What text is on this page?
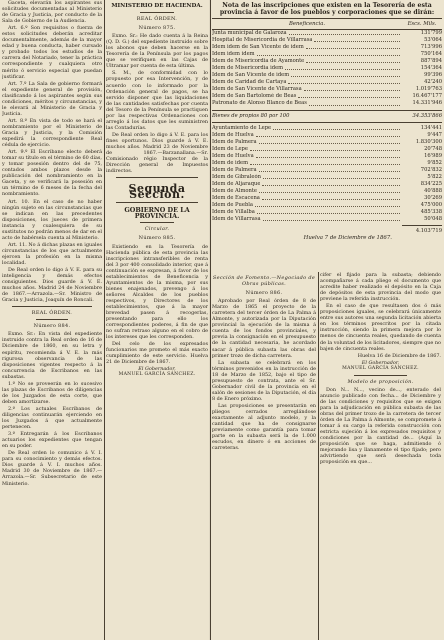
Gaceta, elevarán los aspirantes sus solicitudes documentadas al Ministerio de Gracia y Justicia, por conducto de la Sala de Gobierno de la Audiencia.

Art. 6.º Son requisitos o fuerza de estos solicitudes deberán acreditar documentalmente, además de la mayor edad y buena conducta, haber cursado y probado todos los estudios de la carrera del Notariado, tener la práctica correspondiente y cualquiera otro mérito ó servicio especial que puedan justificar.

Art. 7.º La Sala de gobierno formará el expediente general de provisión, clasificando á los aspirantes según sus condiciones, méritos y circunstancias, y le elevará al Ministerio de Gracia y Justicia.

Art. 8.º En vista de todo se hará el nombramiento por el Ministerio de Gracia y Justicia, y la Comisión expedirá la correspondiente Real cédula de ejercicio.

Art. 9.º El Escribano electo deberá tomar su título en el término de 60 días, y tomar posesión dentro del de 75, contados ambos plazos desde la publicación del nombramiento en la Gaceta, y se verificará la posesión en un término de 6 meses de la fecha del nombramiento.

Art. 10. En el caso de no haber ningún sujeto en las circunstancias que se indican en las precedentes disposiciones, los jueces de primera instancia y cualesquiera de su sustitutos no podrán menos de dar en el acto de habérsela cuenta al Ministerio.

Art. 11. No á dichas plazas en iguales circunstancias de los que actualmente ejercen la profesión en la misma localidad.

De Real orden lo digo á V. E. para su inteligencia y demás efectos consiguientes. Dios guarde á V. E. muchos años. Madrid 24 de Noviembre de 1867.—Arrazola.—Sr. Ministro de Gracia y Justicia, Joaquín de Roncali.

REAL ÓRDEN.
Número 884.

Exmo. Sr.: En vista del expediente instruido contra la Real orden de 16 de Diciembre de 1860, en su letra y espíritu, recomienda á V. E. la más rigurosa observancia de las disposiciones vigentes respecto á la concurrencia de Escribanos en las subastas.

1.º No se proveerán en lo sucesivo las plazas de Escribanos de diligencias de los Juzgados de esta corte, que deben amortizarse.

2.º Los actuales Escribanos de diligencias continuarán ejerciendo en los Juzgados á que actualmente pertenecen.

3.º Entregarán á los Escribanos actuarios los expedientes que tengan en su poder.

De Real orden lo comunico á V. I. para su conocimiento y demás efectos. Dios guarde á V. I. muchos años. Madrid 30 de Noviembre de 1867.—Arrazola.—Sr. Subsecretario de este Ministerio.

MINISTERIO DE HACIENDA.
REAL ÓRDEN.
Número 875.

Exmo. Sr.: He dado cuenta á la Reina (Q. D. G.) del expediente instruido sobre los abonos que deben hacerse en la Tesorería de la Península por los pagos que se verifiquen en las Cajas de Ultramar por cuenta de esta última.

S. M., de conformidad con lo propuesto por esa Intervención, y de acuerdo con lo informado por la Ordenación general de pagos, se ha servido disponer que las liquidaciones de las cantidades satisfechas por cuenta del Tesoro de la Península se practiquen por las respectivas Ordenaciones con arreglo á los datos que les suministren las Contadurías.

De Real orden lo digo á V. E. para los fines oportunos. Dios guarde á V. E. muchos años. Madrid 23 de Noviembre de 1867.—Barzanallana.—Sr. Comisionado régio Inspector de la Dirección general de Impuestos indirectos.

Segunda Seccion.
GOBIERNO DE LA PROVINCIA.
Circular.
Número 885.

Existiendo en la Tesorería de Hacienda pública de esta provincia las inscripciones intransferibles de renta del 3 por 400 consolidado interior, que á continuación se expresan, á favor de los establecimientos de Beneficencia y Ayuntamientos de la misma, por sus bienes enajenados, prevengo á los señores Alcaldes de los pueblos respectivos, y Directores de los establecimientos, que á la mayor brevedad pasen á recogerlas, presentando para ello los correspondientes poderes, á fin de que no sufran retraso alguno en el cobro de los intereses que les corresponden.

Del celo de los expresados funcionarios me prometo el más exacto cumplimiento de este servicio. Huelva 21 de Diciembre de 1867.

El Gobernador,
MANUEL GARCÍA SÁNCHEZ.
Nota de las inscripciones que existen en la Tesorería de esta
provincia á favor de los pueblos y corporaciones que se dirán:
Beneficencia.	Escs. Mils.
Junta municipal de Galaroza	131'799
Hospital de Misericordia de Villarrasa	53'064
Idem idem de San Vicente de idem	713'996
Idem idem idem	750'164
Idem de Misericordia de Ayamonte	887'894
Idem de Misericordia idem	154'364
Idem de San Vicente de idem	99'396
Idem de Caridad de Cartaya	42'240
Idem de San Vicente de Villarrasa	1.019'763
Idem de San Bartolomé de Beas	16.467'177
Patronato de Alonso Blanco de Beas	14.331'946
Bienes de propios 80 por 100	34.353'866
Ayuntamiento de Lepe	134'441
Idem de Huelva	9'447
Idem de Palmera	1.830'300
Idem de Lepe	20'748
Idem de Huelva	16'989
Idem de idem	9'852
Idem de Palmera	702'832
Idem de Gibraleón	5'822
Idem de Aljaraque	834'225
Idem de Almonte	40'888
Idem de Escacena	30'269
Idem de Puebla	475'000
Idem de Villalba	485'338
Idem de Villarrasa	50'048
4.103'719
Huelva 7 de Diciembre de 1867.
Sección de Fomento.—Negociado de Obras públicas.
Número 886.

Aprobado por Real órden de 8 de Marzo de 1865 el proyecto de la carretera del tercer órden de La Palma á Almonte, y autorizada por la Diputación provincial la ejecución de la misma á cuenta de los fondos provinciales, y previa la consignación en el presupuesto de la cantidad necesaria, he acordado sacar á pública subasta las obras del primer trozo de dicha carretera.

La subasta se celebrará en los términos prevenidos en la instrucción de 18 de Marzo de 1852, bajo el tipo de presupuesto de contrata, ante el Sr. Gobernador civil de la provincia en el salón de sesiones de la Diputación, el día 8 de Enero próximo.

Las proposiciones se presentarán en pliegos cerrados arreglándose exactamente al adjunto modelo, y la cantidad que ha de consignarse previamente como garantía para tomar parte en la subasta será la de 1.000 escudos, en dinero ó en acciones de carreteras.

cifer el fijado para la subasta; debiendo acompañarse á cada pliego el documento que acredite haber realizado el depósito en la Caja de depósitos de esta provincia del modo que previene la referida instrucción.

En el caso de que resultasen dos ó más proposiciones iguales, se celebrará únicamente entre sus autores una segunda licitación abierta en los términos prescritos por la citada instrucción, siendo la primera mejora por lo menos de cincuenta reales, quedando de cuenta de la voluntad de los licitadores, siempre que no bajen de cincuenta reales.

Huelva 16 de Diciembre de 1867.

El Gobernador,
MANUEL GARCÍA SÁNCHEZ.
Modelo de proposición.

Don N... N..., vecino de..., enterado del anuncio publicado con fecha... de Diciembre y de las condiciones y requisitos que se exigen para la adjudicación en pública subasta de las obras del primer trozo de la carretera de tercer órden de La Palma á Almonte, se compromete á tomar á su cargo la referida construcción con estricta sujeción á los expresados requisitos y condiciones por la cantidad de... (Aquí la proposición que se haga, admitiendo ó mejorando lisa y llanamente el tipo fijado; pero advirtiendo que será desechada toda proposición en que...
